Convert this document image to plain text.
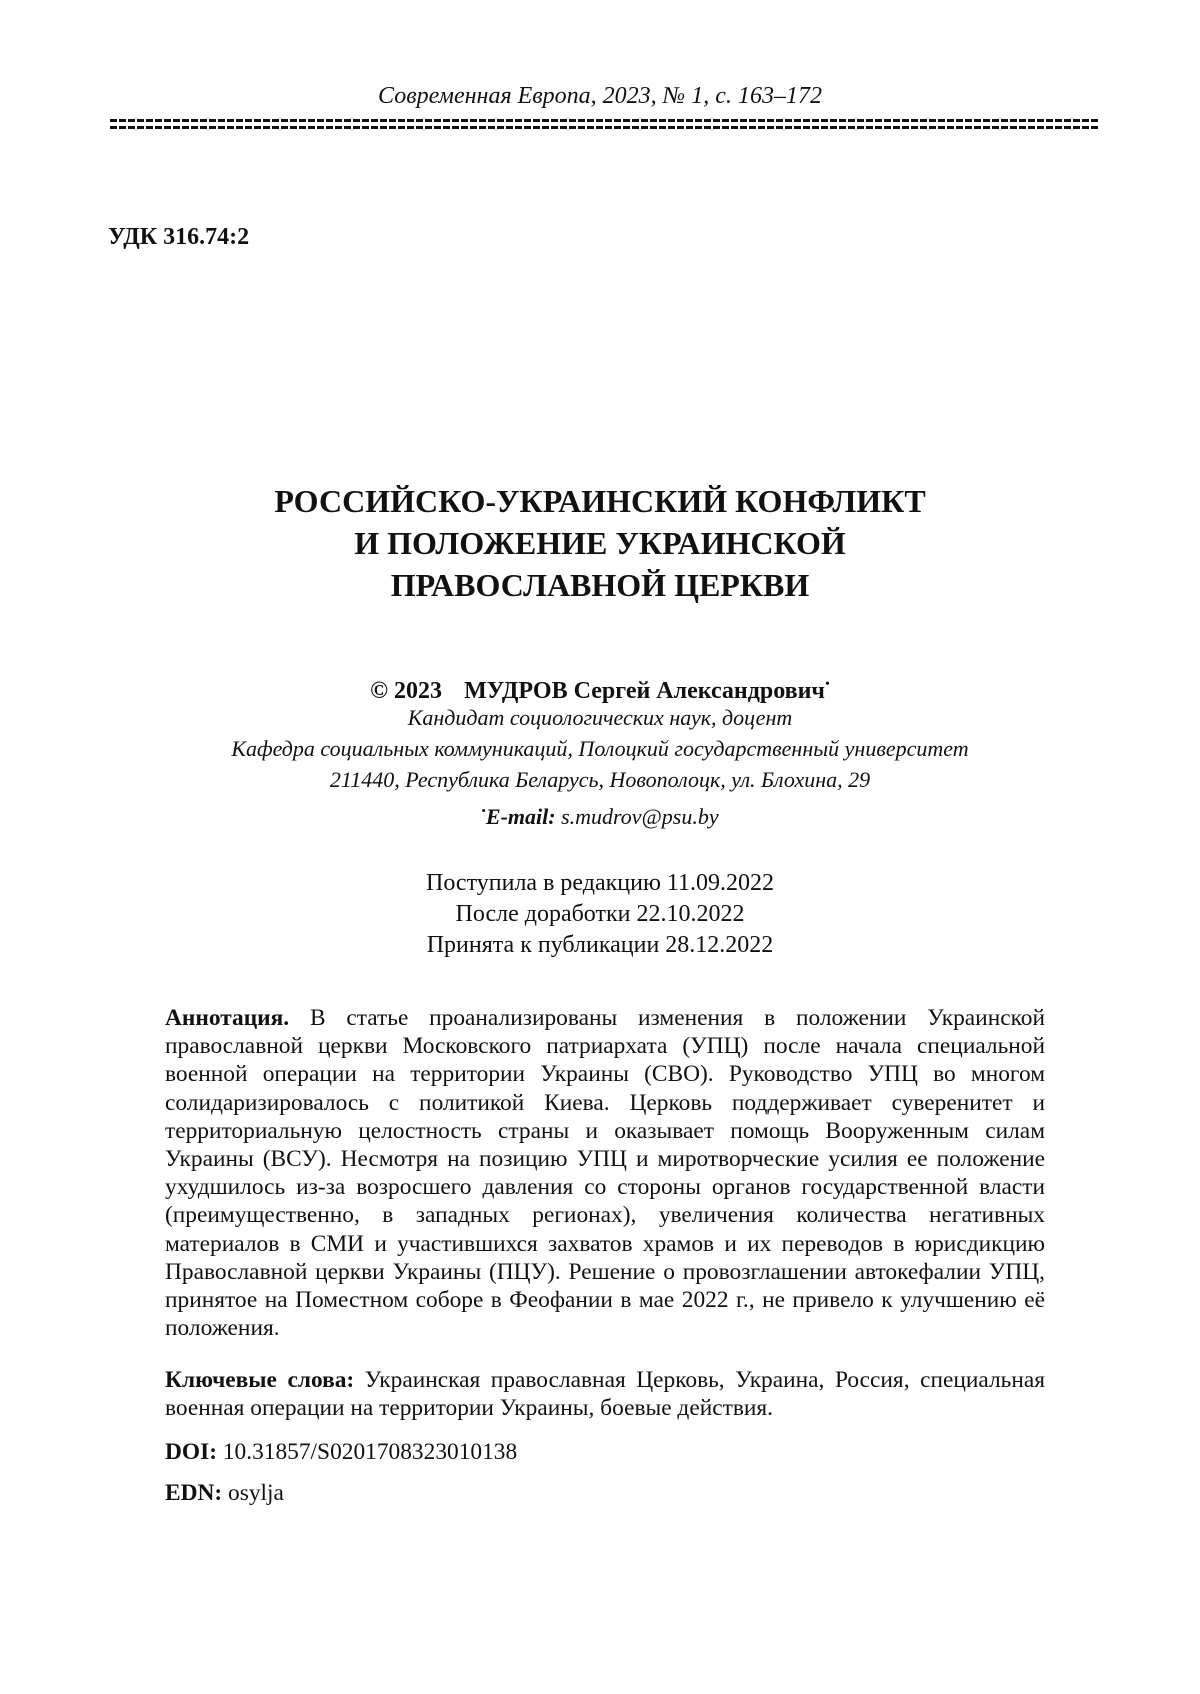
Современная Европа, 2023, № 1, с. 163–172
УДК 316.74:2
РОССИЙСКО-УКРАИНСКИЙ КОНФЛИКТ
И ПОЛОЖЕНИЕ УКРАИНСКОЙ
ПРАВОСЛАВНОЙ ЦЕРКВИ
© 2023 МУДРОВ Сергей Александрович•
Кандидат социологических наук, доцент
Кафедра социальных коммуникаций, Полоцкий государственный университет
211440, Республика Беларусь, Новополоцк, ул. Блохина, 29
•E-mail: s.mudrov@psu.by
Поступила в редакцию 11.09.2022
После доработки 22.10.2022
Принята к публикации 28.12.2022
Аннотация. В статье проанализированы изменения в положении Украинской православной церкви Московского патриархата (УПЦ) после начала специальной военной операции на территории Украины (СВО). Руководство УПЦ во многом солидаризировалось с политикой Киева. Церковь поддерживает суверенитет и территориальную целостность страны и оказывает помощь Вооруженным силам Украины (ВСУ). Несмотря на позицию УПЦ и миротворческие усилия ее положение ухудшилось из-за возросшего давления со стороны органов государственной власти (преимущественно, в западных регионах), увеличения количества негативных материалов в СМИ и участившихся захватов храмов и их переводов в юрисдикцию Православной церкви Украины (ПЦУ). Решение о провозглашении автокефалии УПЦ, принятое на Поместном соборе в Феофании в мае 2022 г., не привело к улучшению её положения.
Ключевые слова: Украинская православная Церковь, Украина, Россия, специальная военная операции на территории Украины, боевые действия.
DOI: 10.31857/S0201708323010138
EDN: osylja
